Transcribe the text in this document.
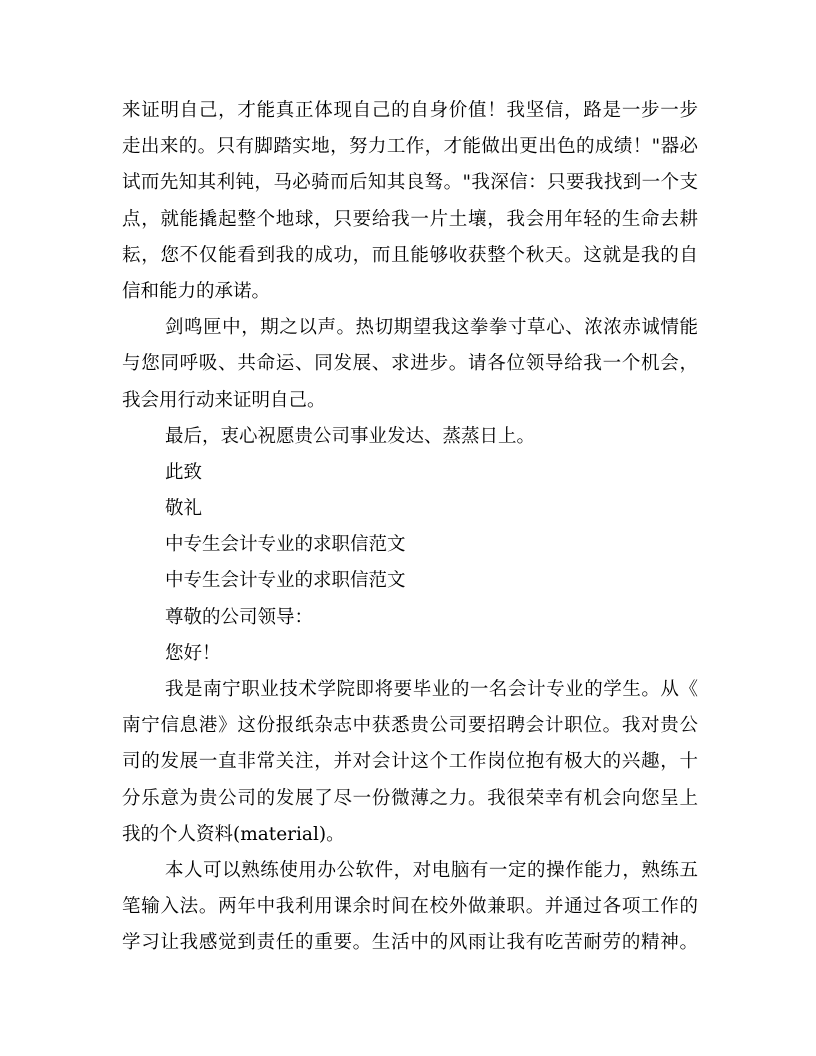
来证明自己，才能真正体现自己的自身价值！我坚信，路是一步一步
走出来的。只有脚踏实地，努力工作，才能做出更出色的成绩！"器必
试而先知其利钝，马必骑而后知其良驽。"我深信：只要我找到一个支
点，就能撬起整个地球，只要给我一片土壤，我会用年轻的生命去耕
耘，您不仅能看到我的成功，而且能够收获整个秋天。这就是我的自
信和能力的承诺。
剑鸣匣中，期之以声。热切期望我这拳拳寸草心、浓浓赤诚情能
与您同呼吸、共命运、同发展、求进步。请各位领导给我一个机会，
我会用行动来证明自己。
最后，衷心祝愿贵公司事业发达、蒸蒸日上。
此致
敬礼
中专生会计专业的求职信范文
中专生会计专业的求职信范文
尊敬的公司领导：
您好！
我是南宁职业技术学院即将要毕业的一名会计专业的学生。从《
南宁信息港》这份报纸杂志中获悉贵公司要招聘会计职位。我对贵公
司的发展一直非常关注，并对会计这个工作岗位抱有极大的兴趣，十
分乐意为贵公司的发展了尽一份微薄之力。我很荣幸有机会向您呈上
我的个人资料(material)。
本人可以熟练使用办公软件，对电脑有一定的操作能力，熟练五
笔输入法。两年中我利用课余时间在校外做兼职。并通过各项工作的
学习让我感觉到责任的重要。生活中的风雨让我有吃苦耐劳的精神。
